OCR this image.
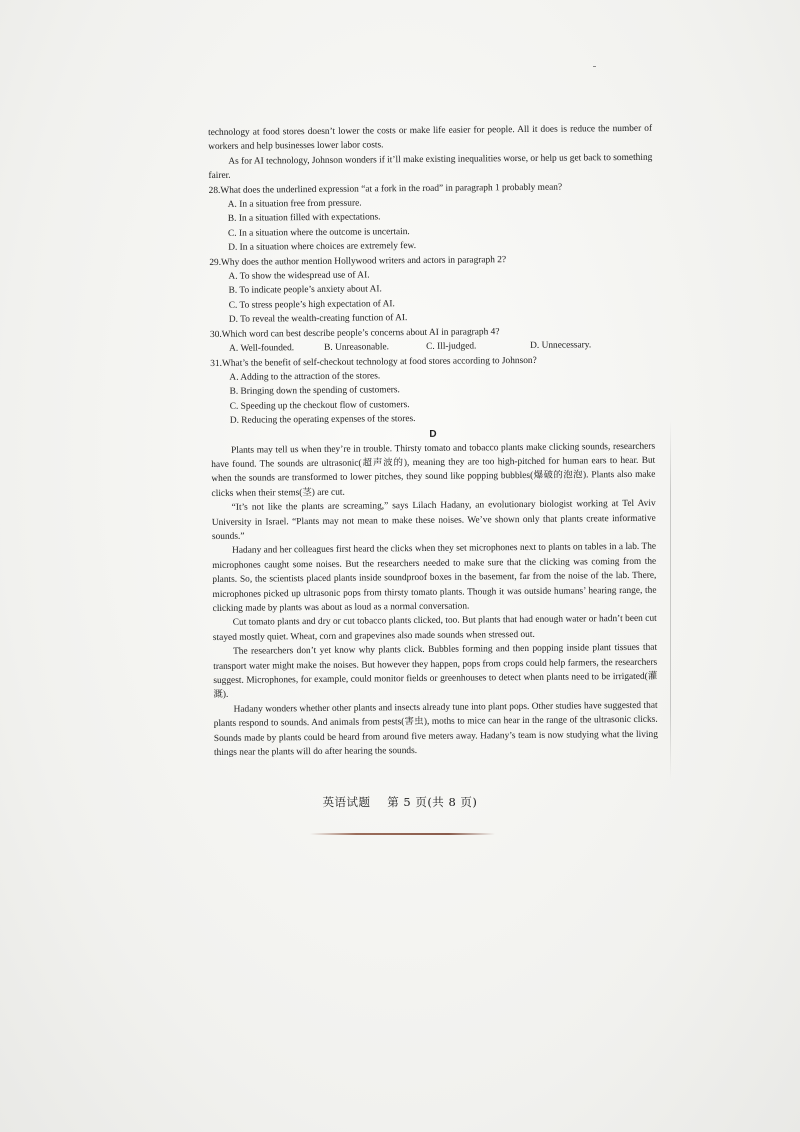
technology at food stores doesn’t lower the costs or make life easier for people. All it does is reduce the number of workers and help businesses lower labor costs.

As for AI technology, Johnson wonders if it’ll make existing inequalities worse, or help us get back to something fairer.

28.What does the underlined expression “at a fork in the road” in paragraph 1 probably mean?

A. In a situation free from pressure.

B. In a situation filled with expectations.

C. In a situation where the outcome is uncertain.

D. In a situation where choices are extremely few.

29.Why does the author mention Hollywood writers and actors in paragraph 2?

A. To show the widespread use of AI.

B. To indicate people’s anxiety about AI.

C. To stress people’s high expectation of AI.

D. To reveal the wealth-creating function of AI.

30.Which word can best describe people’s concerns about AI in paragraph 4?

A. Well-founded.	B. Unreasonable.	C. Ill-judged.	D. Unnecessary.

31.What’s the benefit of self-checkout technology at food stores according to Johnson?

A. Adding to the attraction of the stores.

B. Bringing down the spending of customers.

C. Speeding up the checkout flow of customers.

D. Reducing the operating expenses of the stores.

D

Plants may tell us when they’re in trouble. Thirsty tomato and tobacco plants make clicking sounds, researchers have found. The sounds are ultrasonic(超声波的), meaning they are too high-pitched for human ears to hear. But when the sounds are transformed to lower pitches, they sound like popping bubbles(爆破的泡泡). Plants also make clicks when their stems(茎) are cut.

“It’s not like the plants are screaming,” says Lilach Hadany, an evolutionary biologist working at Tel Aviv University in Israel. “Plants may not mean to make these noises. We’ve shown only that plants create informative sounds.”

Hadany and her colleagues first heard the clicks when they set microphones next to plants on tables in a lab. The microphones caught some noises. But the researchers needed to make sure that the clicking was coming from the plants. So, the scientists placed plants inside soundproof boxes in the basement, far from the noise of the lab. There, microphones picked up ultrasonic pops from thirsty tomato plants. Though it was outside humans’ hearing range, the clicking made by plants was about as loud as a normal conversation.

Cut tomato plants and dry or cut tobacco plants clicked, too. But plants that had enough water or hadn’t been cut stayed mostly quiet. Wheat, corn and grapevines also made sounds when stressed out.

The researchers don’t yet know why plants click. Bubbles forming and then popping inside plant tissues that transport water might make the noises. But however they happen, pops from crops could help farmers, the researchers suggest. Microphones, for example, could monitor fields or greenhouses to detect when plants need to be irrigated(灌溉).

Hadany wonders whether other plants and insects already tune into plant pops. Other studies have suggested that plants respond to sounds. And animals from pests(害虫), moths to mice can hear in the range of the ultrasonic clicks. Sounds made by plants could be heard from around five meters away. Hadany’s team is now studying what the living things near the plants will do after hearing the sounds.

英语试题 第 5 页(共 8 页)
